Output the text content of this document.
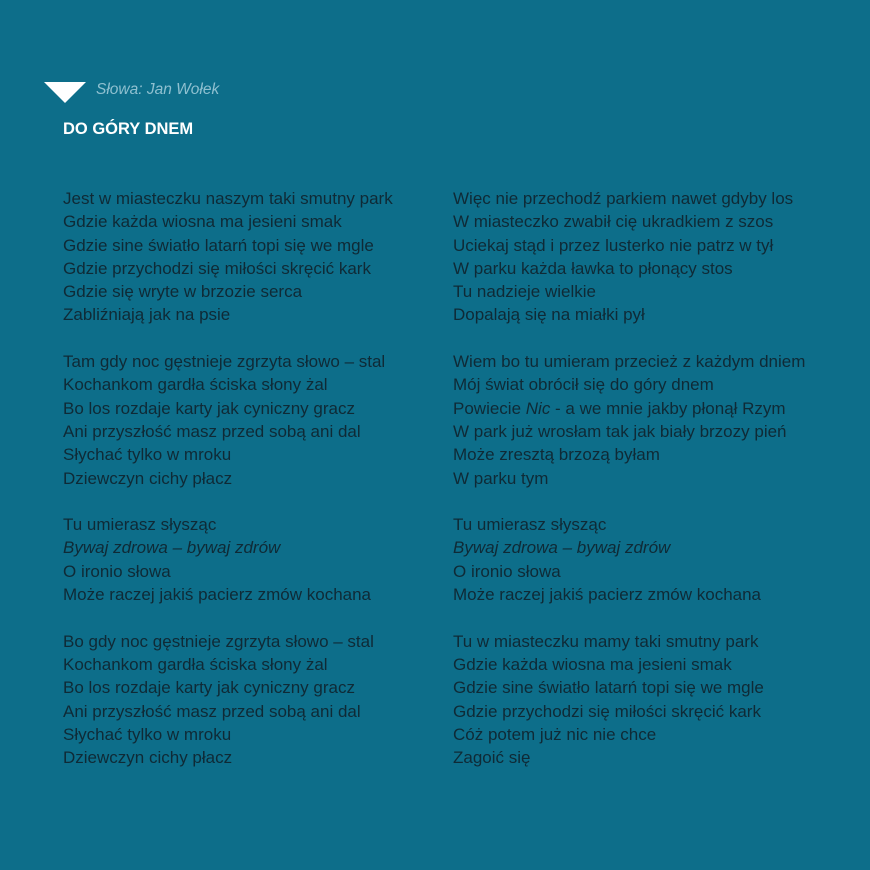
Słowa: Jan Wołek
DO GÓRY DNEM
Jest w miasteczku naszym taki smutny park
Gdzie każda wiosna ma jesieni smak
Gdzie sine światło latarń topi się we mgle
Gdzie przychodzi się miłości skręcić kark
Gdzie się wryte w brzozie serca
Zabliźniają jak na psie
Tam gdy noc gęstnieje zgrzyta słowo – stal
Kochankom gardła ściska słony żal
Bo los rozdaje karty jak cyniczny gracz
Ani przyszłość masz przed sobą ani dal
Słychać tylko w mroku
Dziewczyn cichy płacz
Tu umierasz słysząc
Bywaj zdrowa – bywaj zdrów
O ironio słowa
Może raczej jakiś pacierz zmów kochana
Bo gdy noc gęstnieje zgrzyta słowo – stal
Kochankom gardła ściska słony żal
Bo los rozdaje karty jak cyniczny gracz
Ani przyszłość masz przed sobą ani dal
Słychać tylko w mroku
Dziewczyn cichy płacz
Więc nie przechodź parkiem nawet gdyby los
W miasteczko zwabił cię ukradkiem z szos
Uciekaj stąd i przez lusterko nie patrz w tył
W parku każda ławka to płonący stos
Tu nadzieje wielkie
Dopalają się na miałki pył
Wiem bo tu umieram przecież z każdym dniem
Mój świat obrócił się do góry dnem
Powiecie Nic - a we mnie jakby płonął Rzym
W park już wrosłam tak jak biały brzozy pień
Może zresztą brzozą byłam
W parku tym
Tu umierasz słysząc
Bywaj zdrowa – bywaj zdrów
O ironio słowa
Może raczej jakiś pacierz zmów kochana
Tu w miasteczku mamy taki smutny park
Gdzie każda wiosna ma jesieni smak
Gdzie sine światło latarń topi się we mgle
Gdzie przychodzi się miłości skręcić kark
Cóż potem już nic nie chce
Zagoić się
